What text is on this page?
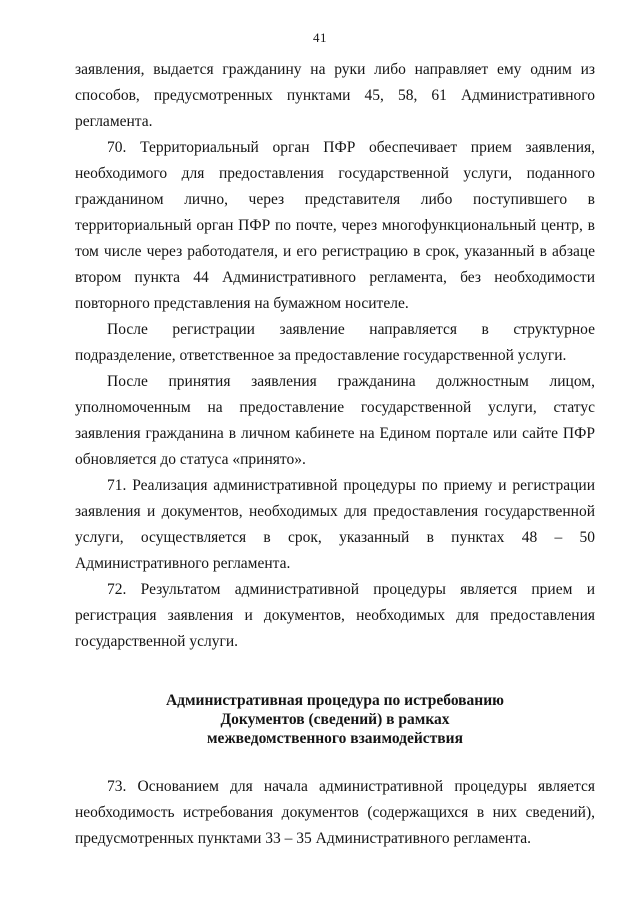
41

заявления, выдается гражданину на руки либо направляет ему одним из способов, предусмотренных пунктами 45, 58, 61 Административного регламента.

70. Территориальный орган ПФР обеспечивает прием заявления, необходимого для предоставления государственной услуги, поданного гражданином лично, через представителя либо поступившего в территориальный орган ПФР по почте, через многофункциональный центр, в том числе через работодателя, и его регистрацию в срок, указанный в абзаце втором пункта 44 Административного регламента, без необходимости повторного представления на бумажном носителе.

После регистрации заявление направляется в структурное подразделение, ответственное за предоставление государственной услуги.

После принятия заявления гражданина должностным лицом, уполномоченным на предоставление государственной услуги, статус заявления гражданина в личном кабинете на Едином портале или сайте ПФР обновляется до статуса «принято».

71. Реализация административной процедуры по приему и регистрации заявления и документов, необходимых для предоставления государственной услуги, осуществляется в срок, указанный в пунктах 48 – 50 Административного регламента.

72. Результатом административной процедуры является прием и регистрация заявления и документов, необходимых для предоставления государственной услуги.

Административная процедура по истребованию
Документов (сведений) в рамках
межведомственного взаимодействия

73. Основанием для начала административной процедуры является необходимость истребования документов (содержащихся в них сведений), предусмотренных пунктами 33 – 35 Административного регламента.
